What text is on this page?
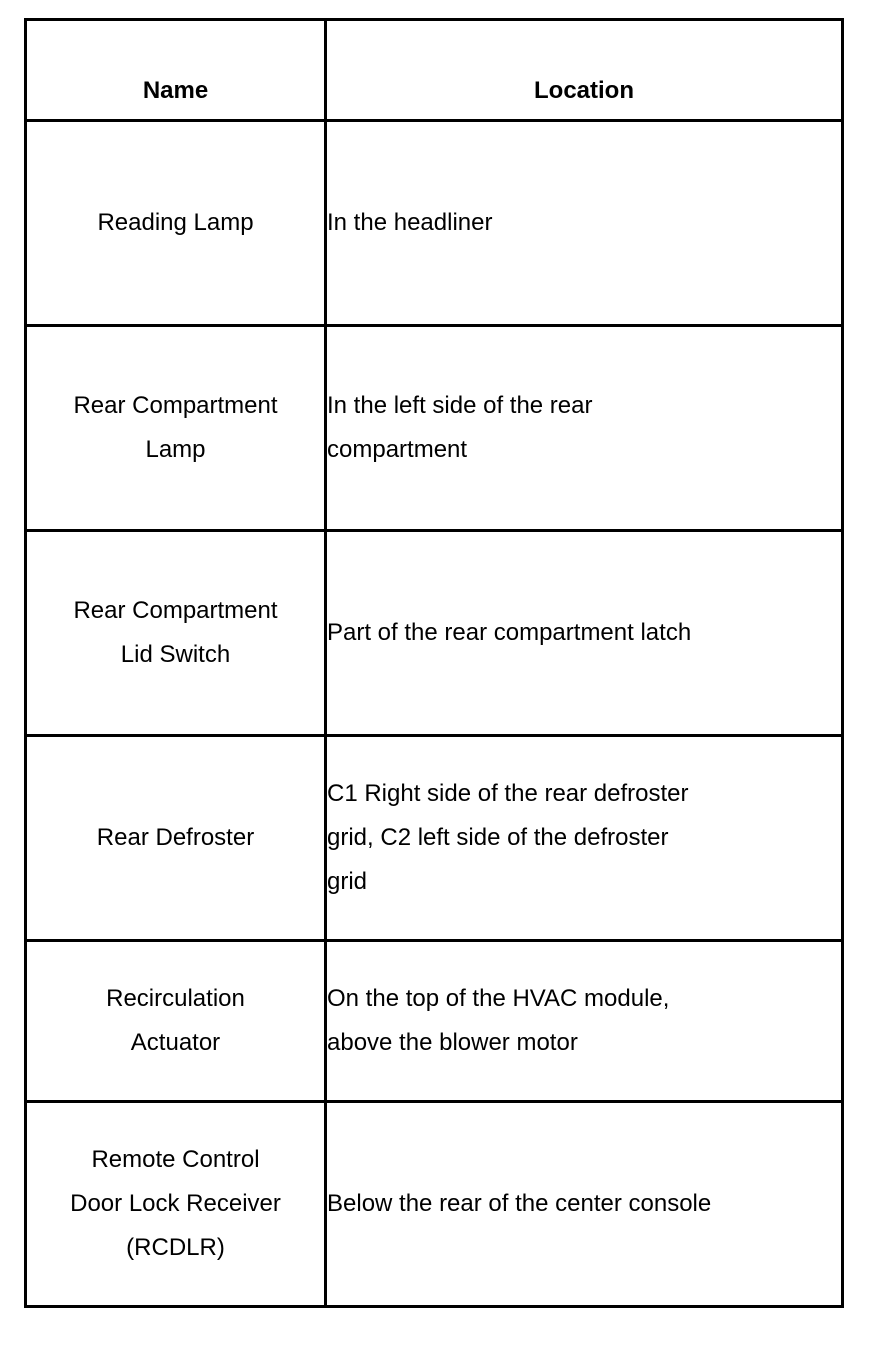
Name	Location

Reading Lamp	In the headliner

Rear Compartment
Lamp	In the left side of the rear
compartment

Rear Compartment
Lid Switch	Part of the rear compartment latch

Rear Defroster	C1 Right side of the rear defroster
grid, C2 left side of the defroster
grid

Recirculation
Actuator	On the top of the HVAC module,
above the blower motor

Remote Control
Door Lock Receiver
(RCDLR)	Below the rear of the center console
